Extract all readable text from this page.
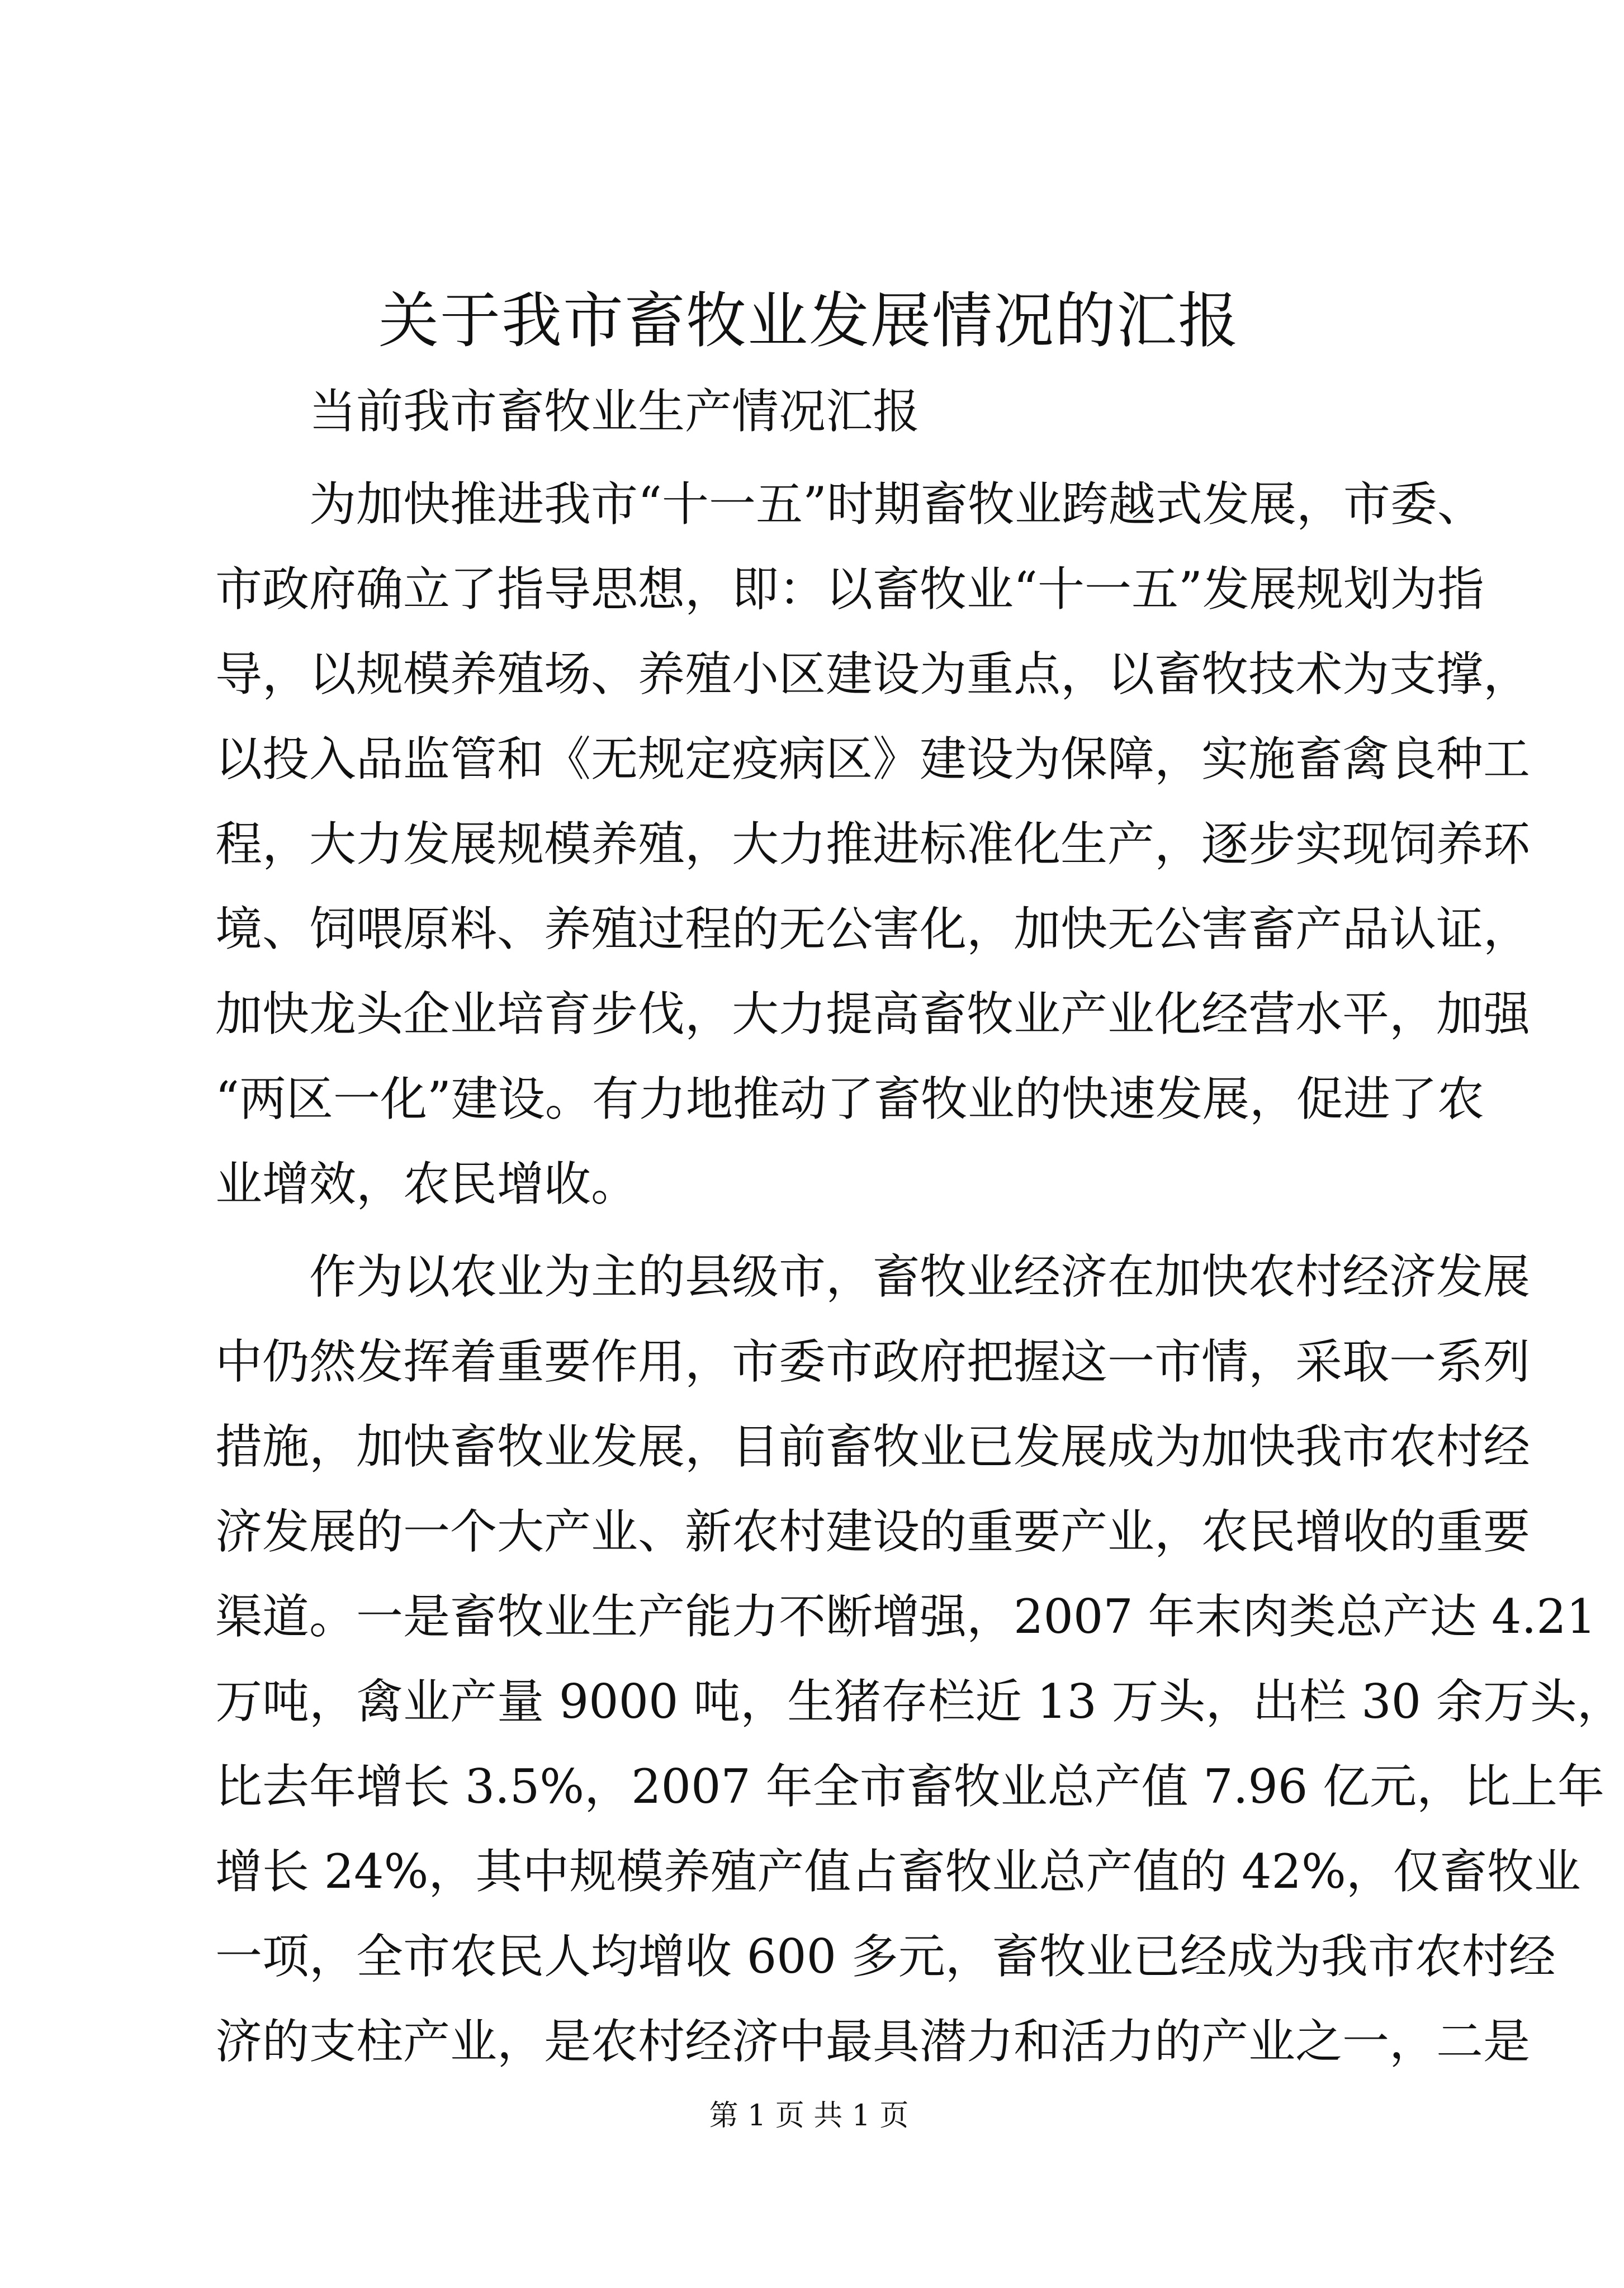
关于我市畜牧业发展情况的汇报
当前我市畜牧业生产情况汇报
为加快推进我市“十一五”时期畜牧业跨越式发展，市委、
市政府确立了指导思想，即：以畜牧业“十一五”发展规划为指
导，以规模养殖场、养殖小区建设为重点，以畜牧技术为支撑，
以投入品监管和《无规定疫病区》建设为保障，实施畜禽良种工
程，大力发展规模养殖，大力推进标准化生产，逐步实现饲养环
境、饲喂原料、养殖过程的无公害化，加快无公害畜产品认证，
加快龙头企业培育步伐，大力提高畜牧业产业化经营水平，加强
“两区一化”建设。有力地推动了畜牧业的快速发展，促进了农
业增效，农民增收。
作为以农业为主的县级市，畜牧业经济在加快农村经济发展
中仍然发挥着重要作用，市委市政府把握这一市情，采取一系列
措施，加快畜牧业发展，目前畜牧业已发展成为加快我市农村经
济发展的一个大产业、新农村建设的重要产业，农民增收的重要
渠道。一是畜牧业生产能力不断增强，2007 年末肉类总产达 4.21
万吨，禽业产量 9000 吨，生猪存栏近 13 万头，出栏 30 余万头，
比去年增长 3.5%，2007 年全市畜牧业总产值 7.96 亿元，比上年
增长 24%，其中规模养殖产值占畜牧业总产值的 42%，仅畜牧业
一项，全市农民人均增收 600 多元，畜牧业已经成为我市农村经
济的支柱产业，是农村经济中最具潜力和活力的产业之一，二是
第 1 页 共 1 页
